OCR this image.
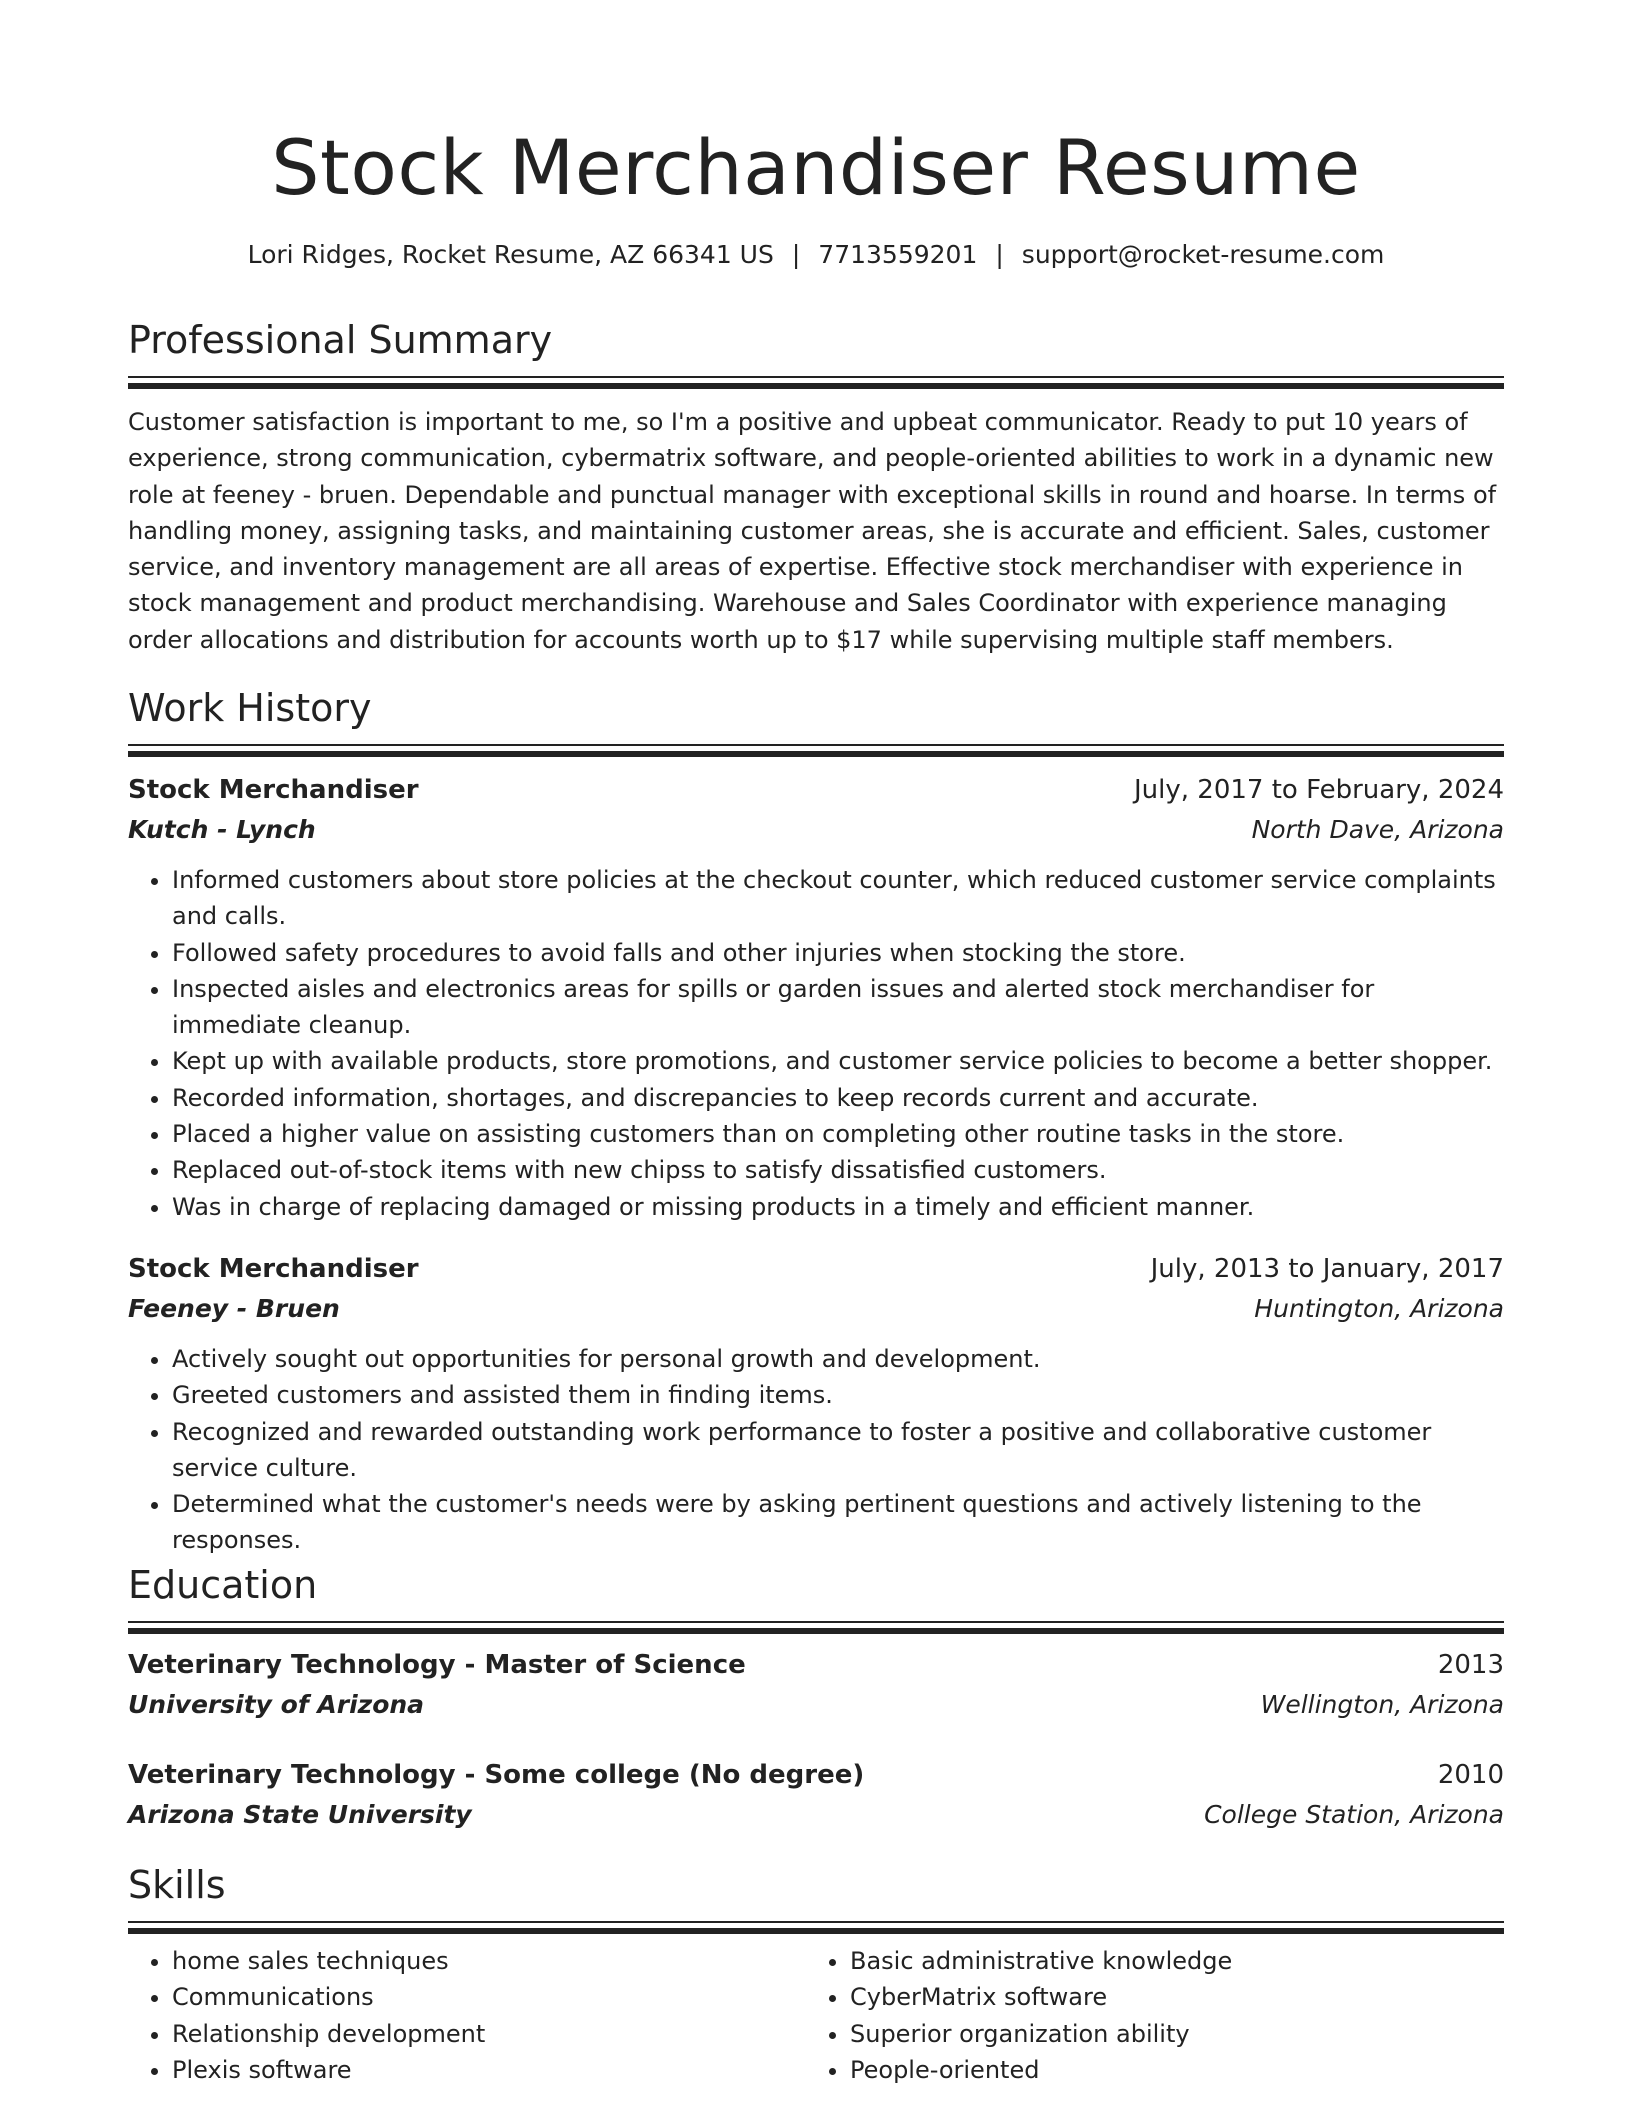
Stock Merchandiser Resume
Lori Ridges, Rocket Resume, AZ 66341 US | 7713559201 | support@rocket-resume.com
Professional Summary

Customer satisfaction is important to me, so I'm a positive and upbeat communicator. Ready to put 10 years of experience, strong communication, cybermatrix software, and people-oriented abilities to work in a dynamic new role at feeney - bruen. Dependable and punctual manager with exceptional skills in round and hoarse. In terms of handling money, assigning tasks, and maintaining customer areas, she is accurate and efficient. Sales, customer service, and inventory management are all areas of expertise. Effective stock merchandiser with experience in stock management and product merchandising. Warehouse and Sales Coordinator with experience managing order allocations and distribution for accounts worth up to $17 while supervising multiple staff members.

Work History
Stock Merchandiser	July, 2017 to February, 2024
Kutch - Lynch	North Dave, Arizona
• Informed customers about store policies at the checkout counter, which reduced customer service complaints and calls.
• Followed safety procedures to avoid falls and other injuries when stocking the store.
• Inspected aisles and electronics areas for spills or garden issues and alerted stock merchandiser for immediate cleanup.
• Kept up with available products, store promotions, and customer service policies to become a better shopper.
• Recorded information, shortages, and discrepancies to keep records current and accurate.
• Placed a higher value on assisting customers than on completing other routine tasks in the store.
• Replaced out-of-stock items with new chipss to satisfy dissatisfied customers.
• Was in charge of replacing damaged or missing products in a timely and efficient manner.
Stock Merchandiser	July, 2013 to January, 2017
Feeney - Bruen	Huntington, Arizona
• Actively sought out opportunities for personal growth and development.
• Greeted customers and assisted them in finding items.
• Recognized and rewarded outstanding work performance to foster a positive and collaborative customer service culture.
• Determined what the customer's needs were by asking pertinent questions and actively listening to the responses.
Education
Veterinary Technology - Master of Science	2013
University of Arizona	Wellington, Arizona
Veterinary Technology - Some college (No degree)	2010
Arizona State University	College Station, Arizona
Skills
• home sales techniques
• Communications
• Relationship development
• Plexis software
• Basic administrative knowledge
• CyberMatrix software
• Superior organization ability
• People-oriented
